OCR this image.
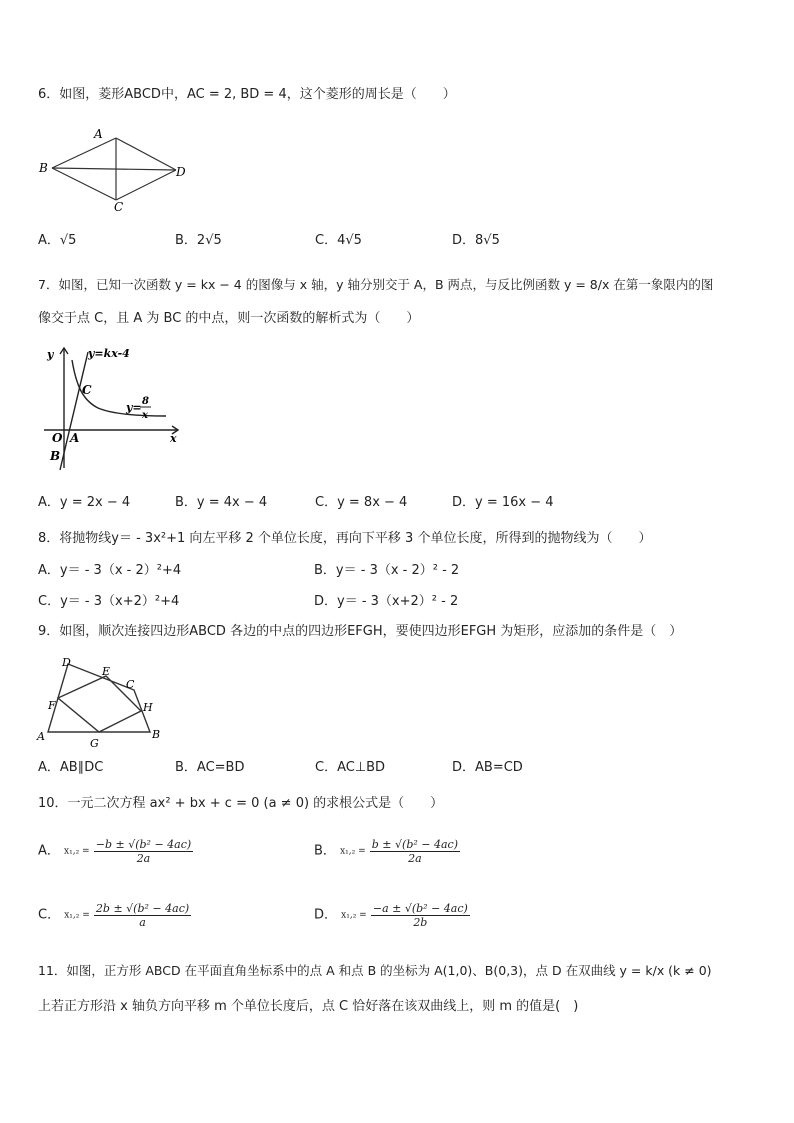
6．如图，菱形ABCD中，AC = 2, BD = 4，这个菱形的周长是（　　）
A
B
C
D
A．√5	B．2√5	C．4√5	D．8√5
7．如图，已知一次函数 y = kx − 4 的图像与 x 轴，y 轴分别交于 A，B 两点，与反比例函数 y = 8/x 在第一象限内的图
像交于点 C，且 A 为 BC 的中点，则一次函数的解析式为（　　）
y	y=kx-4
C
y= 8
x
O A	x
B
A．y = 2x − 4	B．y = 4x − 4	C．y = 8x − 4	D．y = 16x − 4
8．将抛物线y＝ - 3x²+1 向左平移 2 个单位长度，再向下平移 3 个单位长度，所得到的抛物线为（　　）
A．y＝ - 3（x - 2）²+4	B．y＝ - 3（x - 2）² - 2
C．y＝ - 3（x+2）²+4	D．y＝ - 3（x+2）² - 2
9．如图，顺次连接四边形ABCD 各边的中点的四边形EFGH，要使四边形EFGH 为矩形，应添加的条件是（　）
D
E
C
F	H
A
G
B
A．AB∥DC	B．AC=BD	C．AC⊥BD	D．AB=CD
10．一元二次方程 ax² + bx + c = 0 (a ≠ 0) 的求根公式是（　　）
A． $x_1,_2 = \frac{\text{−b ± √(b² − 4ac)}}{2a}$	B． $x_1,_2 = \frac{\text{b ± √(b² − 4ac)}}{2a}$
C． $x_1,_2 = \frac{\text{2b ± √(b² − 4ac)}}{a}$	D． $x_1,_2 = \frac{\text{−a ± √(b² − 4ac)}}{2b}$
11．如图，正方形 ABCD 在平面直角坐标系中的点 A 和点 B 的坐标为 A(1,0)、B(0,3)，点 D 在双曲线 y = k/x (k ≠ 0)
上若正方形沿 x 轴负方向平移 m 个单位长度后，点 C 恰好落在该双曲线上，则 m 的值是(　)
